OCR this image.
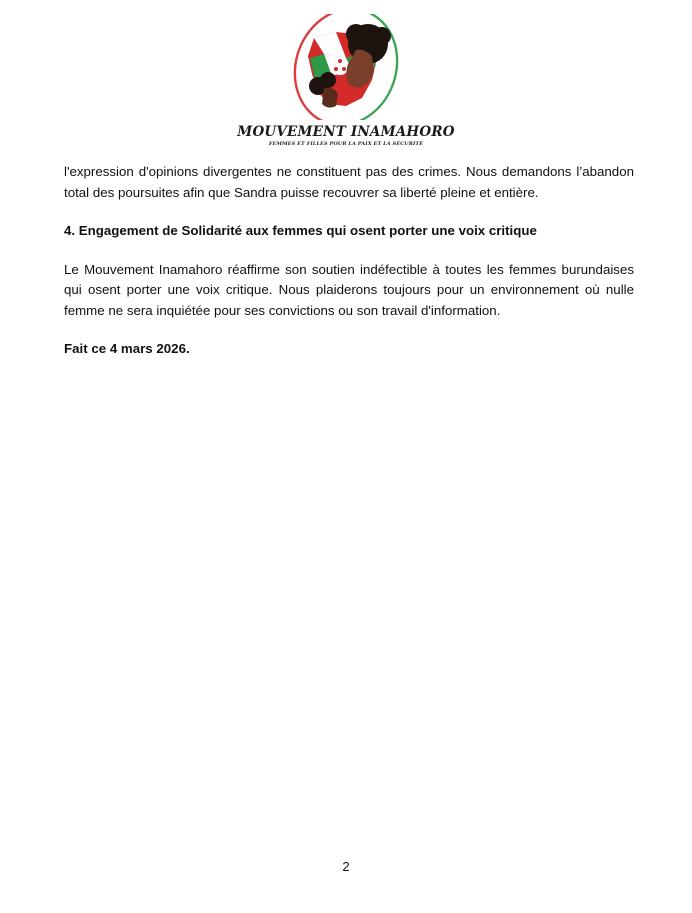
MOUVEMENT INAMAHORO
FEMMES ET FILLES POUR LA PAIX ET LA SÉCURITÉ

l'expression d'opinions divergentes ne constituent pas des crimes. Nous demandons l’abandon total des poursuites afin que Sandra puisse recouvrer sa liberté pleine et entière.

4. Engagement de Solidarité aux femmes qui osent porter une voix critique

Le Mouvement Inamahoro réaffirme son soutien indéfectible à toutes les femmes burundaises qui osent porter une voix critique. Nous plaiderons toujours pour un environnement où nulle femme ne sera inquiétée pour ses convictions ou son travail d'information.

Fait ce 4 mars 2026.

2
